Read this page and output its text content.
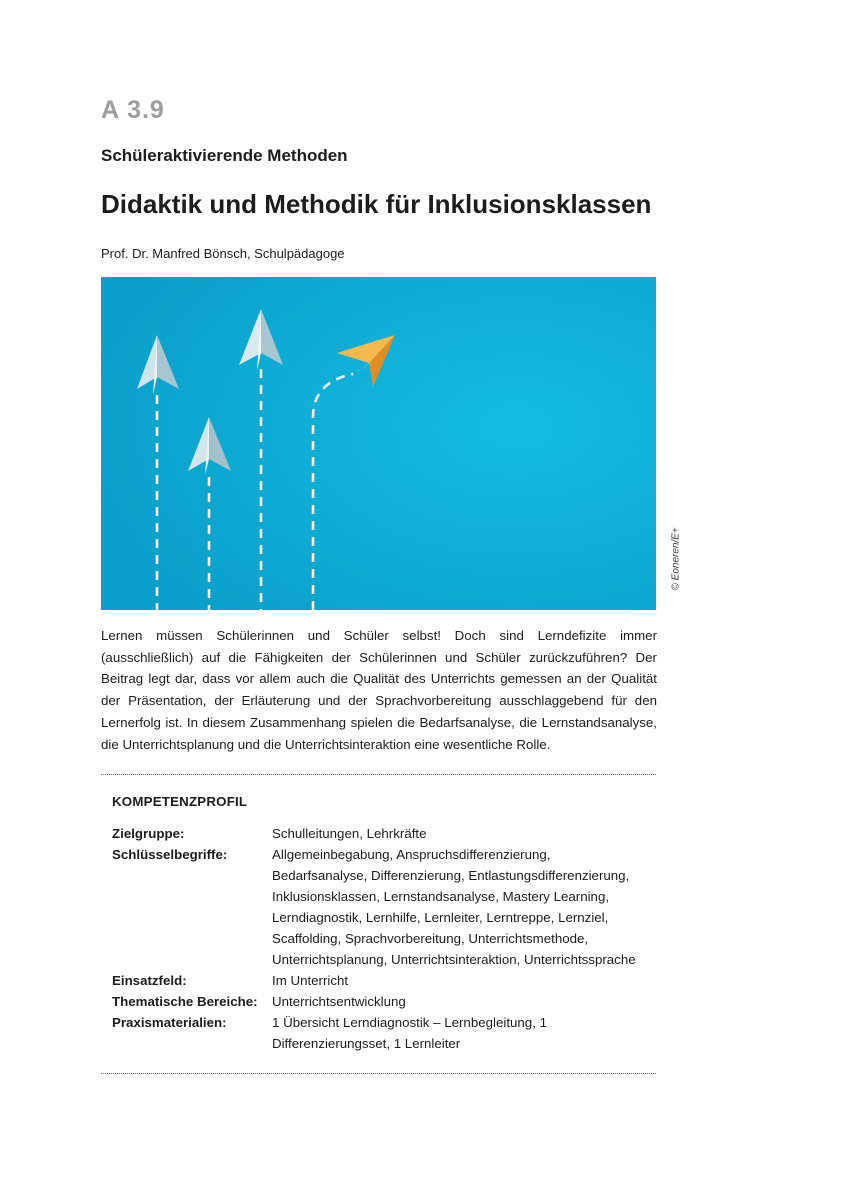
A 3.9
Schüleraktivierende Methoden
Didaktik und Methodik für Inklusionsklassen
Prof. Dr. Manfred Bönsch, Schulpädagoge
© Eoneren/E+
Lernen müssen Schülerinnen und Schüler selbst! Doch sind Lerndefizite immer (ausschließlich) auf die Fähigkeiten der Schülerinnen und Schüler zurückzuführen? Der Beitrag legt dar, dass vor allem auch die Qualität des Unterrichts gemessen an der Qualität der Präsentation, der Erläuterung und der Sprachvorbereitung ausschlaggebend für den Lernerfolg ist. In diesem Zusammenhang spielen die Bedarfsanalyse, die Lernstandsanalyse, die Unterrichtsplanung und die Unterrichtsinteraktion eine wesentliche Rolle.
KOMPETENZPROFIL
Zielgruppe:	Schulleitungen, Lehrkräfte
Schlüsselbegriffe:	Allgemeinbegabung, Anspruchsdifferenzierung, Bedarfsanalyse, Differenzierung, Entlastungsdifferenzierung, Inklusionsklassen, Lernstandsanalyse, Mastery Learning, Lerndiagnostik, Lernhilfe, Lernleiter, Lerntreppe, Lernziel, Scaffolding, Sprachvorbereitung, Unterrichtsmethode, Unterrichtsplanung, Unterrichtsinteraktion, Unterrichtssprache
Einsatzfeld:	Im Unterricht
Thematische Bereiche:	Unterrichtsentwicklung
Praxismaterialien:	1 Übersicht Lerndiagnostik – Lernbegleitung, 1 Differenzierungsset, 1 Lernleiter
